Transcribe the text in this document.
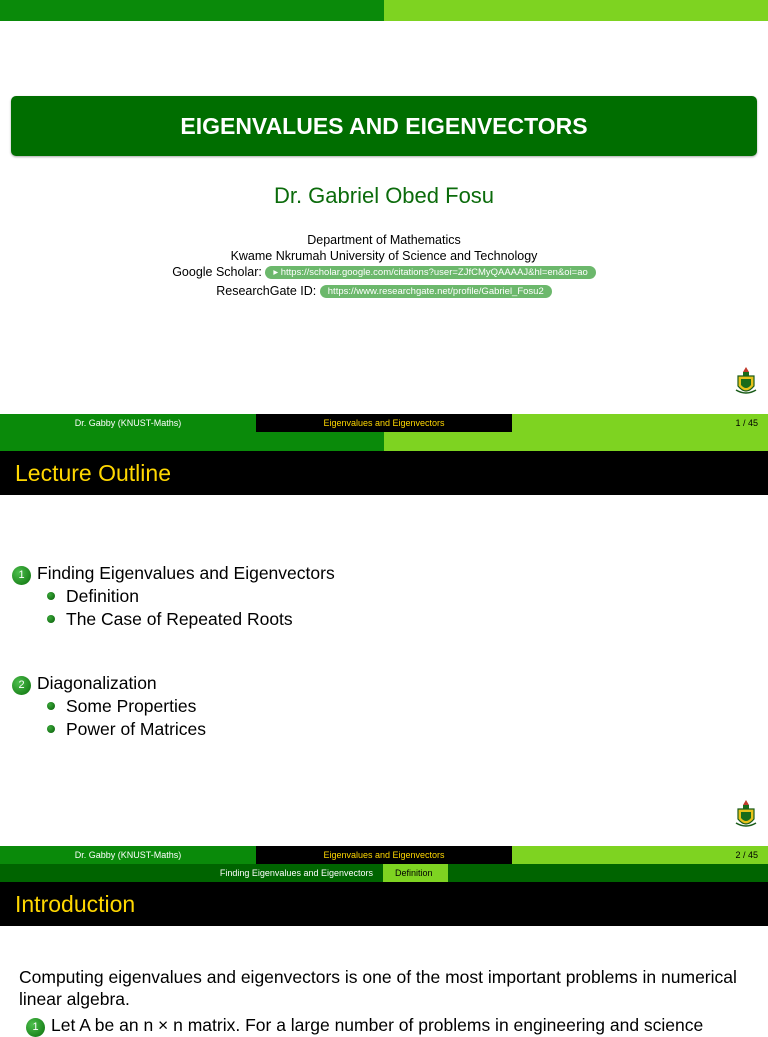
EIGENVALUES AND EIGENVECTORS
Dr. Gabriel Obed Fosu
Department of Mathematics
Kwame Nkrumah University of Science and Technology
Google Scholar: ▸ https://scholar.google.com/citations?user=ZJfCMyQAAAAJ&hl=en&oi=ao
ResearchGate ID: https://www.researchgate.net/profile/Gabriel_Fosu2
Dr. Gabby (KNUST-Maths)	Eigenvalues and Eigenvectors	1 / 45
Lecture Outline
1 Finding Eigenvalues and Eigenvectors
Definition
The Case of Repeated Roots
2 Diagonalization
Some Properties
Power of Matrices
Dr. Gabby (KNUST-Maths)	Eigenvalues and Eigenvectors	2 / 45
Finding Eigenvalues and Eigenvectors	Definition
Introduction
Computing eigenvalues and eigenvectors is one of the most important problems in numerical linear algebra.
1 Let A be an n × n matrix. For a large number of problems in engineering and science
